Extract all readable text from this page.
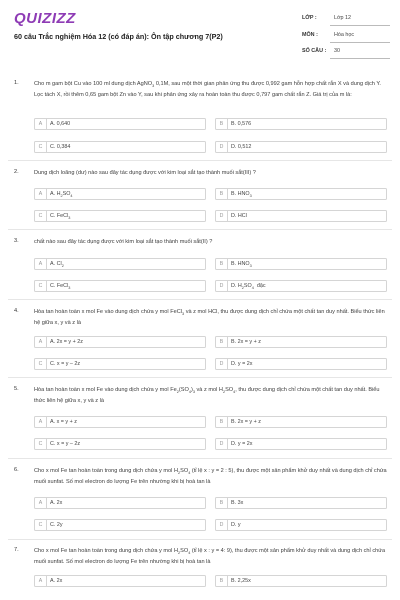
QUIZIZZ
60 câu Trắc nghiệm Hóa 12 (có đáp án): Ôn tập chương 7(P2)
LỚP :	Lớp 12
MÔN :	Hóa học
SỐ CÂU : 30
1.	Cho m gam bột Cu vào 100 ml dung dịch AgNO$_3$ 0,1M, sau một thời gian phản ứng thu được 0,992 gam hỗn hợp chất rắn X và dung dịch Y. Lọc tách X, rồi thêm 0,65 gam bột Zn vào Y, sau khi phản ứng xảy ra hoàn toàn thu được 0,797 gam chất rắn Z. Giá trị của m là:
A	A. 0,640	B	B. 0,576
C	C. 0,384	D	D. 0,512
2.	Dung dịch loãng (dư) nào sau đây tác dụng được với kim loại sắt tạo thành muối sắt(III) ?
A	A. $H_2SO_4$	B	B. $HNO_3$
C	C. FeCl$_3$	D	D. HCl
3.	chất nào sau đây tác dụng được với kim loại sắt tạo thành muối sắt(II) ?
A	A. $Cl_2$	B	B. $HNO_3$
C	C. FeCl$_3$	D	D. $H_2SO_4$  đặc
4.	Hòa tan hoàn toàn x mol Fe vào dung dịch chứa y mol FeCl$_3$ và z mol HCl, thu được dung dịch chỉ chứa một chất tan duy nhất. Biểu thức liên hệ giữa x, y và z là
A	A. 2x = y + 2z	B	B. 2x = y + z
C	C. x = y – 2z	D	D. y = 2x
5.	Hòa tan hoàn toàn x mol Fe vào dung dịch chứa y mol $Fe_2(SO_4)_3$ và z mol $H_2SO_4$, thu được dung dịch chỉ chứa một chất tan duy nhất. Biểu thức liên hệ giữa x, y và z là
A	A. x = y + z	B	B. 2x = y + z
C	C. x = y – 2z	D	D. y = 2x
6.	Cho x mol Fe tan hoàn toàn trong dung dịch chứa y mol $H_2SO_4$ (tỉ lệ x : y = 2 : 5), thu được một sản phẩm khử duy nhất và dung dịch chỉ chứa muối sunfat. Số mol electron do lượng Fe trên nhường khi bị hoà tan là
A	A. 2x	B	B. 3x
C	C. 2y	D	D. y
7.	Cho x mol Fe tan hoàn toàn trong dung dịch chứa y mol $H_2SO_4$ (tỉ lệ x : y = 4: 9), thu được một sản phẩm khử duy nhất và dung dịch chỉ chứa muối sunfat. Số mol electron do lượng Fe trên nhường khi bị hoà tan là
A	A. 2x	B	B. 2,25x
